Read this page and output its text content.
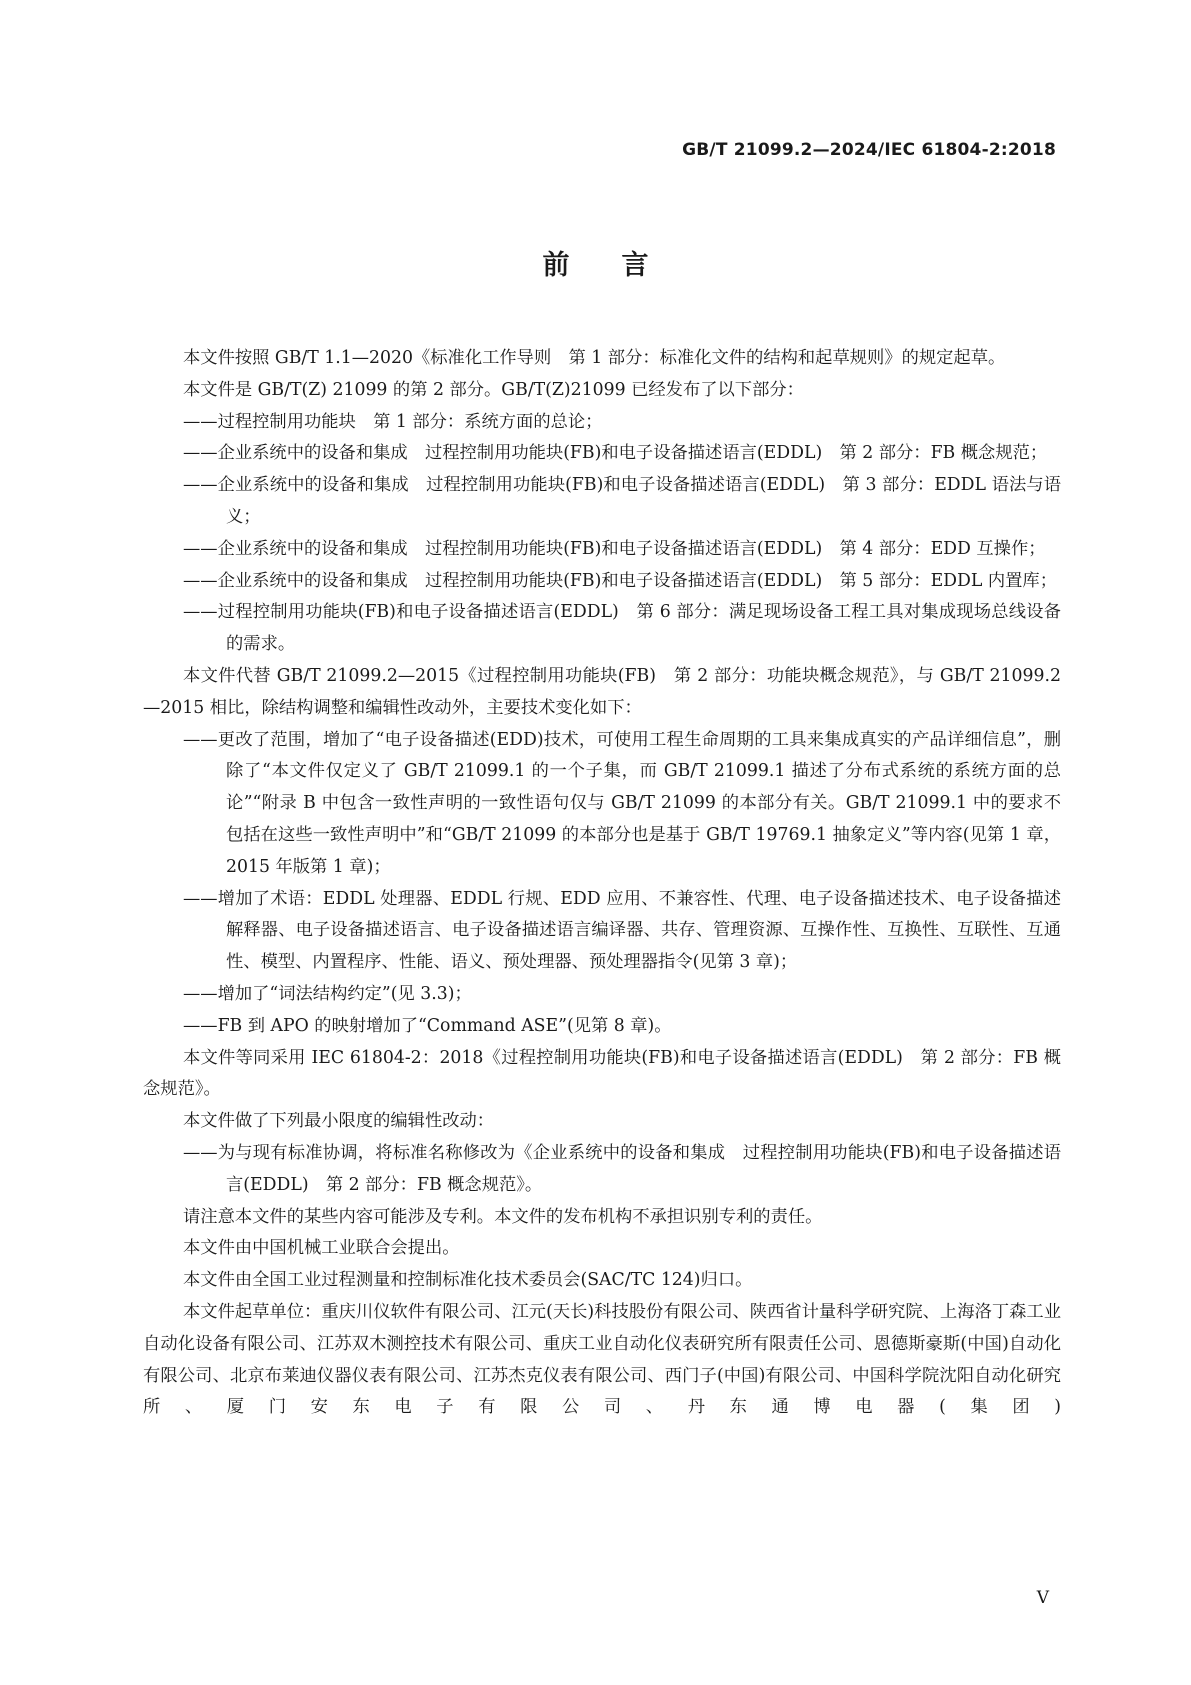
GB/T 21099.2—2024/IEC 61804-2:2018
前言

本文件按照 GB/T 1.1—2020《标准化工作导则　第 1 部分：标准化文件的结构和起草规则》的规定起草。

本文件是 GB/T(Z) 21099 的第 2 部分。GB/T(Z)21099 已经发布了以下部分：

——过程控制用功能块　第 1 部分：系统方面的总论；

——企业系统中的设备和集成　过程控制用功能块(FB)和电子设备描述语言(EDDL)　第 2 部分：FB 概念规范；

——企业系统中的设备和集成　过程控制用功能块(FB)和电子设备描述语言(EDDL)　第 3 部分：EDDL 语法与语义；

——企业系统中的设备和集成　过程控制用功能块(FB)和电子设备描述语言(EDDL)　第 4 部分：EDD 互操作；

——企业系统中的设备和集成　过程控制用功能块(FB)和电子设备描述语言(EDDL)　第 5 部分：EDDL 内置库；

——过程控制用功能块(FB)和电子设备描述语言(EDDL)　第 6 部分：满足现场设备工程工具对集成现场总线设备的需求。

本文件代替 GB/T 21099.2—2015《过程控制用功能块(FB)　第 2 部分：功能块概念规范》，与 GB/T 21099.2—2015 相比，除结构调整和编辑性改动外，主要技术变化如下：

——更改了范围，增加了“电子设备描述(EDD)技术，可使用工程生命周期的工具来集成真实的产品详细信息”，删除了“本文件仅定义了 GB/T 21099.1 的一个子集，而 GB/T 21099.1 描述了分布式系统的系统方面的总论”“附录 B 中包含一致性声明的一致性语句仅与 GB/T 21099 的本部分有关。GB/T 21099.1 中的要求不包括在这些一致性声明中”和“GB/T 21099 的本部分也是基于 GB/T 19769.1 抽象定义”等内容(见第 1 章，2015 年版第 1 章)；

——增加了术语：EDDL 处理器、EDDL 行规、EDD 应用、不兼容性、代理、电子设备描述技术、电子设备描述解释器、电子设备描述语言、电子设备描述语言编译器、共存、管理资源、互操作性、互换性、互联性、互通性、模型、内置程序、性能、语义、预处理器、预处理器指令(见第 3 章)；

——增加了“词法结构约定”(见 3.3)；

——FB 到 APO 的映射增加了“Command ASE”(见第 8 章)。

本文件等同采用 IEC 61804-2：2018《过程控制用功能块(FB)和电子设备描述语言(EDDL)　第 2 部分：FB 概念规范》。

本文件做了下列最小限度的编辑性改动：

——为与现有标准协调，将标准名称修改为《企业系统中的设备和集成　过程控制用功能块(FB)和电子设备描述语言(EDDL)　第 2 部分：FB 概念规范》。

请注意本文件的某些内容可能涉及专利。本文件的发布机构不承担识别专利的责任。

本文件由中国机械工业联合会提出。

本文件由全国工业过程测量和控制标准化技术委员会(SAC/TC 124)归口。

本文件起草单位：重庆川仪软件有限公司、江元(天长)科技股份有限公司、陕西省计量科学研究院、上海洛丁森工业自动化设备有限公司、江苏双木测控技术有限公司、重庆工业自动化仪表研究所有限责任公司、恩德斯豪斯(中国)自动化有限公司、北京布莱迪仪器仪表有限公司、江苏杰克仪表有限公司、西门子(中国)有限公司、中国科学院沈阳自动化研究所、厦门安东电子有限公司、丹东通博电器(集团)

V
